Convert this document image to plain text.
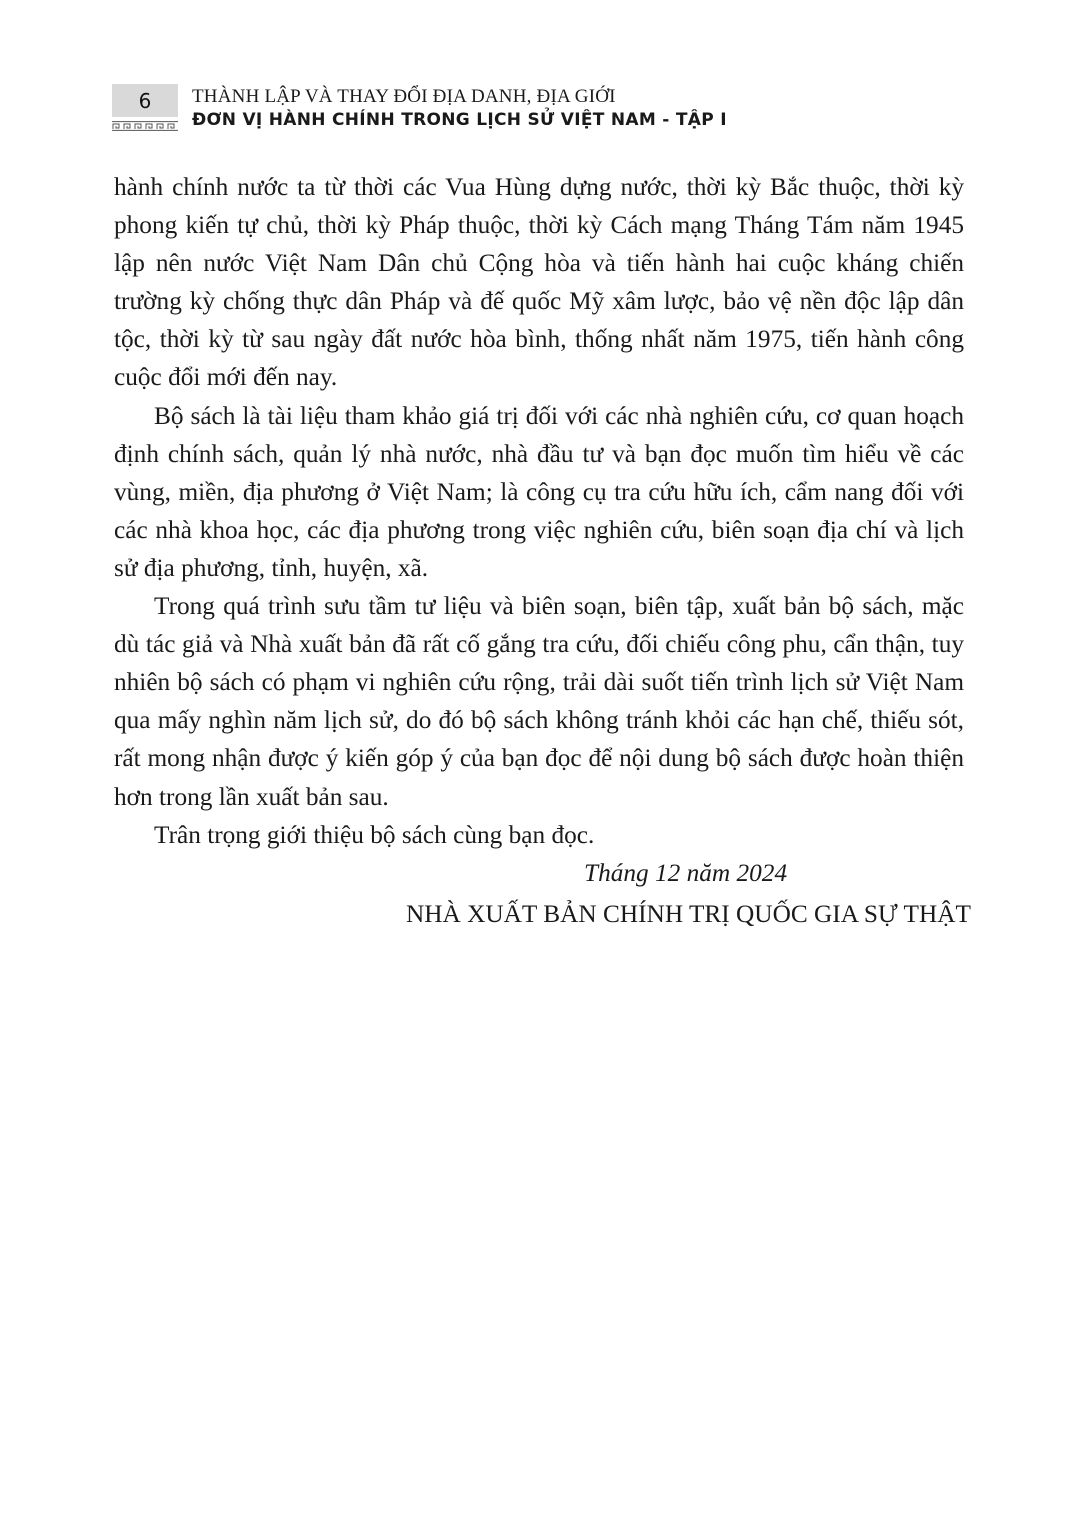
6	THÀNH LẬP VÀ THAY ĐỔI ĐỊA DANH, ĐỊA GIỚI
ĐƠN VỊ HÀNH CHÍNH TRONG LỊCH SỬ VIỆT NAM - TẬP I

hành chính nước ta từ thời các Vua Hùng dựng nước, thời kỳ Bắc thuộc, thời kỳ phong kiến tự chủ, thời kỳ Pháp thuộc, thời kỳ Cách mạng Tháng Tám năm 1945 lập nên nước Việt Nam Dân chủ Cộng hòa và tiến hành hai cuộc kháng chiến trường kỳ chống thực dân Pháp và đế quốc Mỹ xâm lược, bảo vệ nền độc lập dân tộc, thời kỳ từ sau ngày đất nước hòa bình, thống nhất năm 1975, tiến hành công cuộc đổi mới đến nay.

Bộ sách là tài liệu tham khảo giá trị đối với các nhà nghiên cứu, cơ quan hoạch định chính sách, quản lý nhà nước, nhà đầu tư và bạn đọc muốn tìm hiểu về các vùng, miền, địa phương ở Việt Nam; là công cụ tra cứu hữu ích, cẩm nang đối với các nhà khoa học, các địa phương trong việc nghiên cứu, biên soạn địa chí và lịch sử địa phương, tỉnh, huyện, xã.

Trong quá trình sưu tầm tư liệu và biên soạn, biên tập, xuất bản bộ sách, mặc dù tác giả và Nhà xuất bản đã rất cố gắng tra cứu, đối chiếu công phu, cẩn thận, tuy nhiên bộ sách có phạm vi nghiên cứu rộng, trải dài suốt tiến trình lịch sử Việt Nam qua mấy nghìn năm lịch sử, do đó bộ sách không tránh khỏi các hạn chế, thiếu sót, rất mong nhận được ý kiến góp ý của bạn đọc để nội dung bộ sách được hoàn thiện hơn trong lần xuất bản sau.

Trân trọng giới thiệu bộ sách cùng bạn đọc.

Tháng 12 năm 2024
NHÀ XUẤT BẢN CHÍNH TRỊ QUỐC GIA SỰ THẬT
